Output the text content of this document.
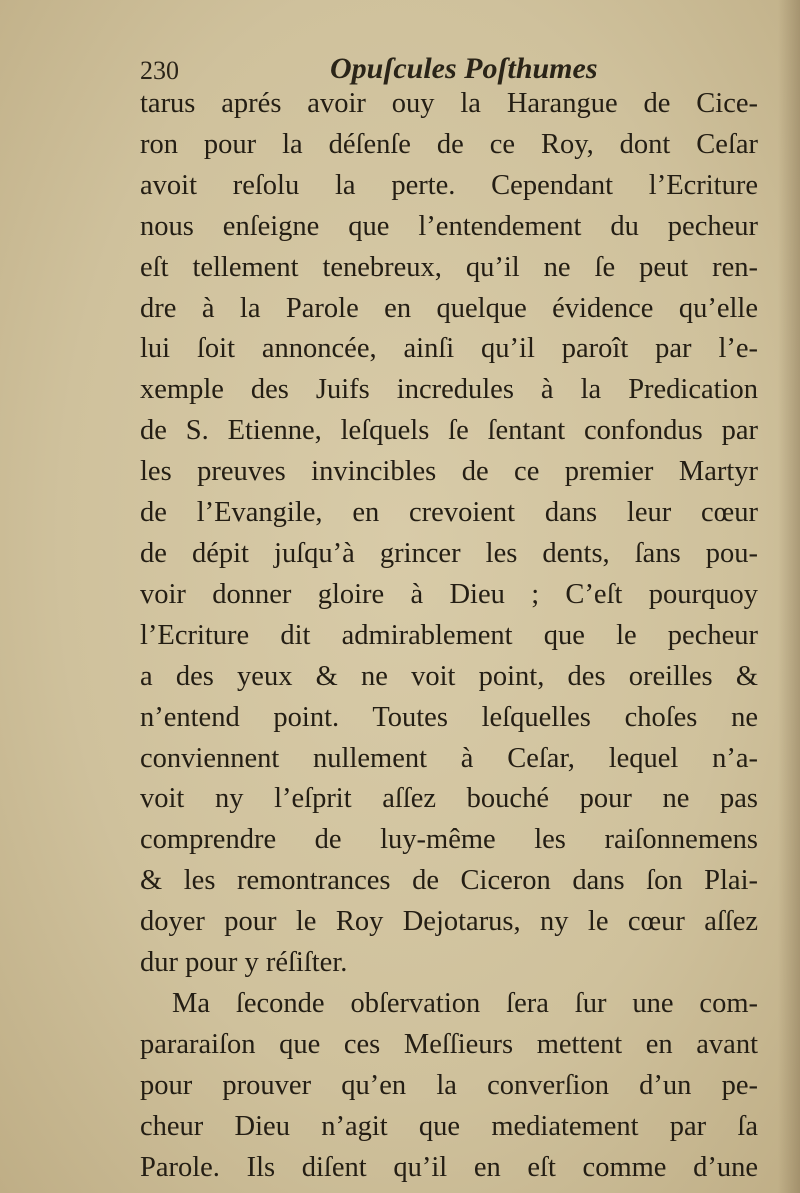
230	Opuſcules Poſthumes
tarus aprés avoir ouy la Harangue de Cice-
ron pour la déſenſe de ce Roy, dont Ceſar
avoit reſolu la perte. Cependant l’Ecriture
nous enſeigne que l’entendement du pecheur
eſt tellement tenebreux, qu’il ne ſe peut ren-
dre à la Parole en quelque évidence qu’elle
lui ſoit annoncée, ainſi qu’il paroît par l’e-
xemple des Juifs incredules à la Predication
de S. Etienne, leſquels ſe ſentant confondus par
les preuves invincibles de ce premier Martyr
de l’Evangile, en crevoient dans leur cœur
de dépit juſqu’à grincer les dents, ſans pou-
voir donner gloire à Dieu ; C’eſt pourquoy
l’Ecriture dit admirablement que le pecheur
a des yeux & ne voit point, des oreilles &
n’entend point. Toutes leſquelles choſes ne
conviennent nullement à Ceſar, lequel n’a-
voit ny l’eſprit aſſez bouché pour ne pas
comprendre de luy-même les raiſonnemens
& les remontrances de Ciceron dans ſon Plai-
doyer pour le Roy Dejotarus, ny le cœur aſſez
dur pour y réſiſter.
Ma ſeconde obſervation ſera ſur une com-
pararaiſon que ces Meſſieurs mettent en avant
pour prouver qu’en la converſion d’un pe-
cheur Dieu n’agit que mediatement par ſa
Parole. Ils diſent qu’il en eſt comme d’une
